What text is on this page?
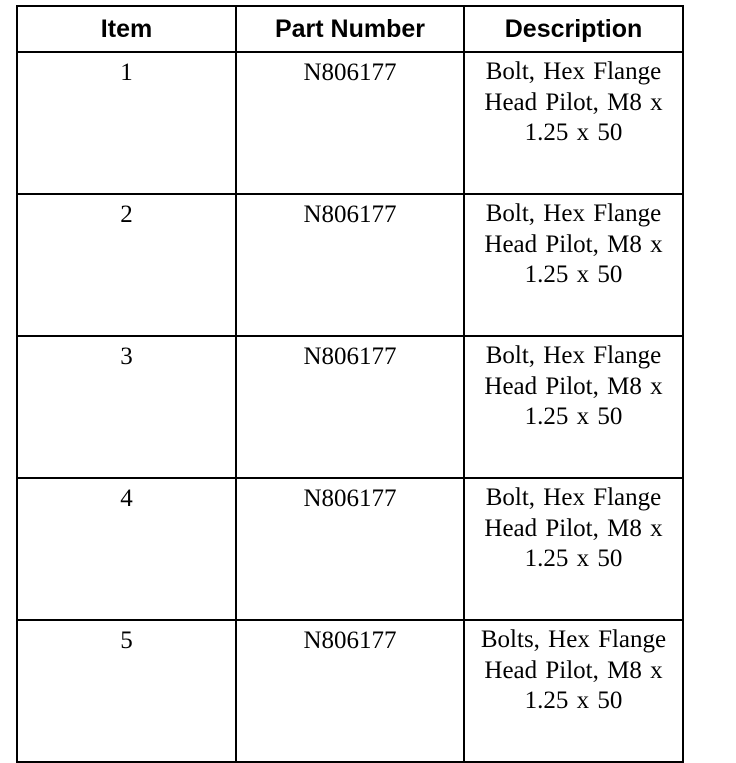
Item	Part Number	Description
1	N806177	Bolt, Hex Flange Head Pilot, M8 x 1.25 x 50

2	N806177	Bolt, Hex Flange Head Pilot, M8 x 1.25 x 50

3	N806177	Bolt, Hex Flange Head Pilot, M8 x 1.25 x 50

4	N806177	Bolt, Hex Flange Head Pilot, M8 x 1.25 x 50

5	N806177	Bolts, Hex Flange Head Pilot, M8 x 1.25 x 50
